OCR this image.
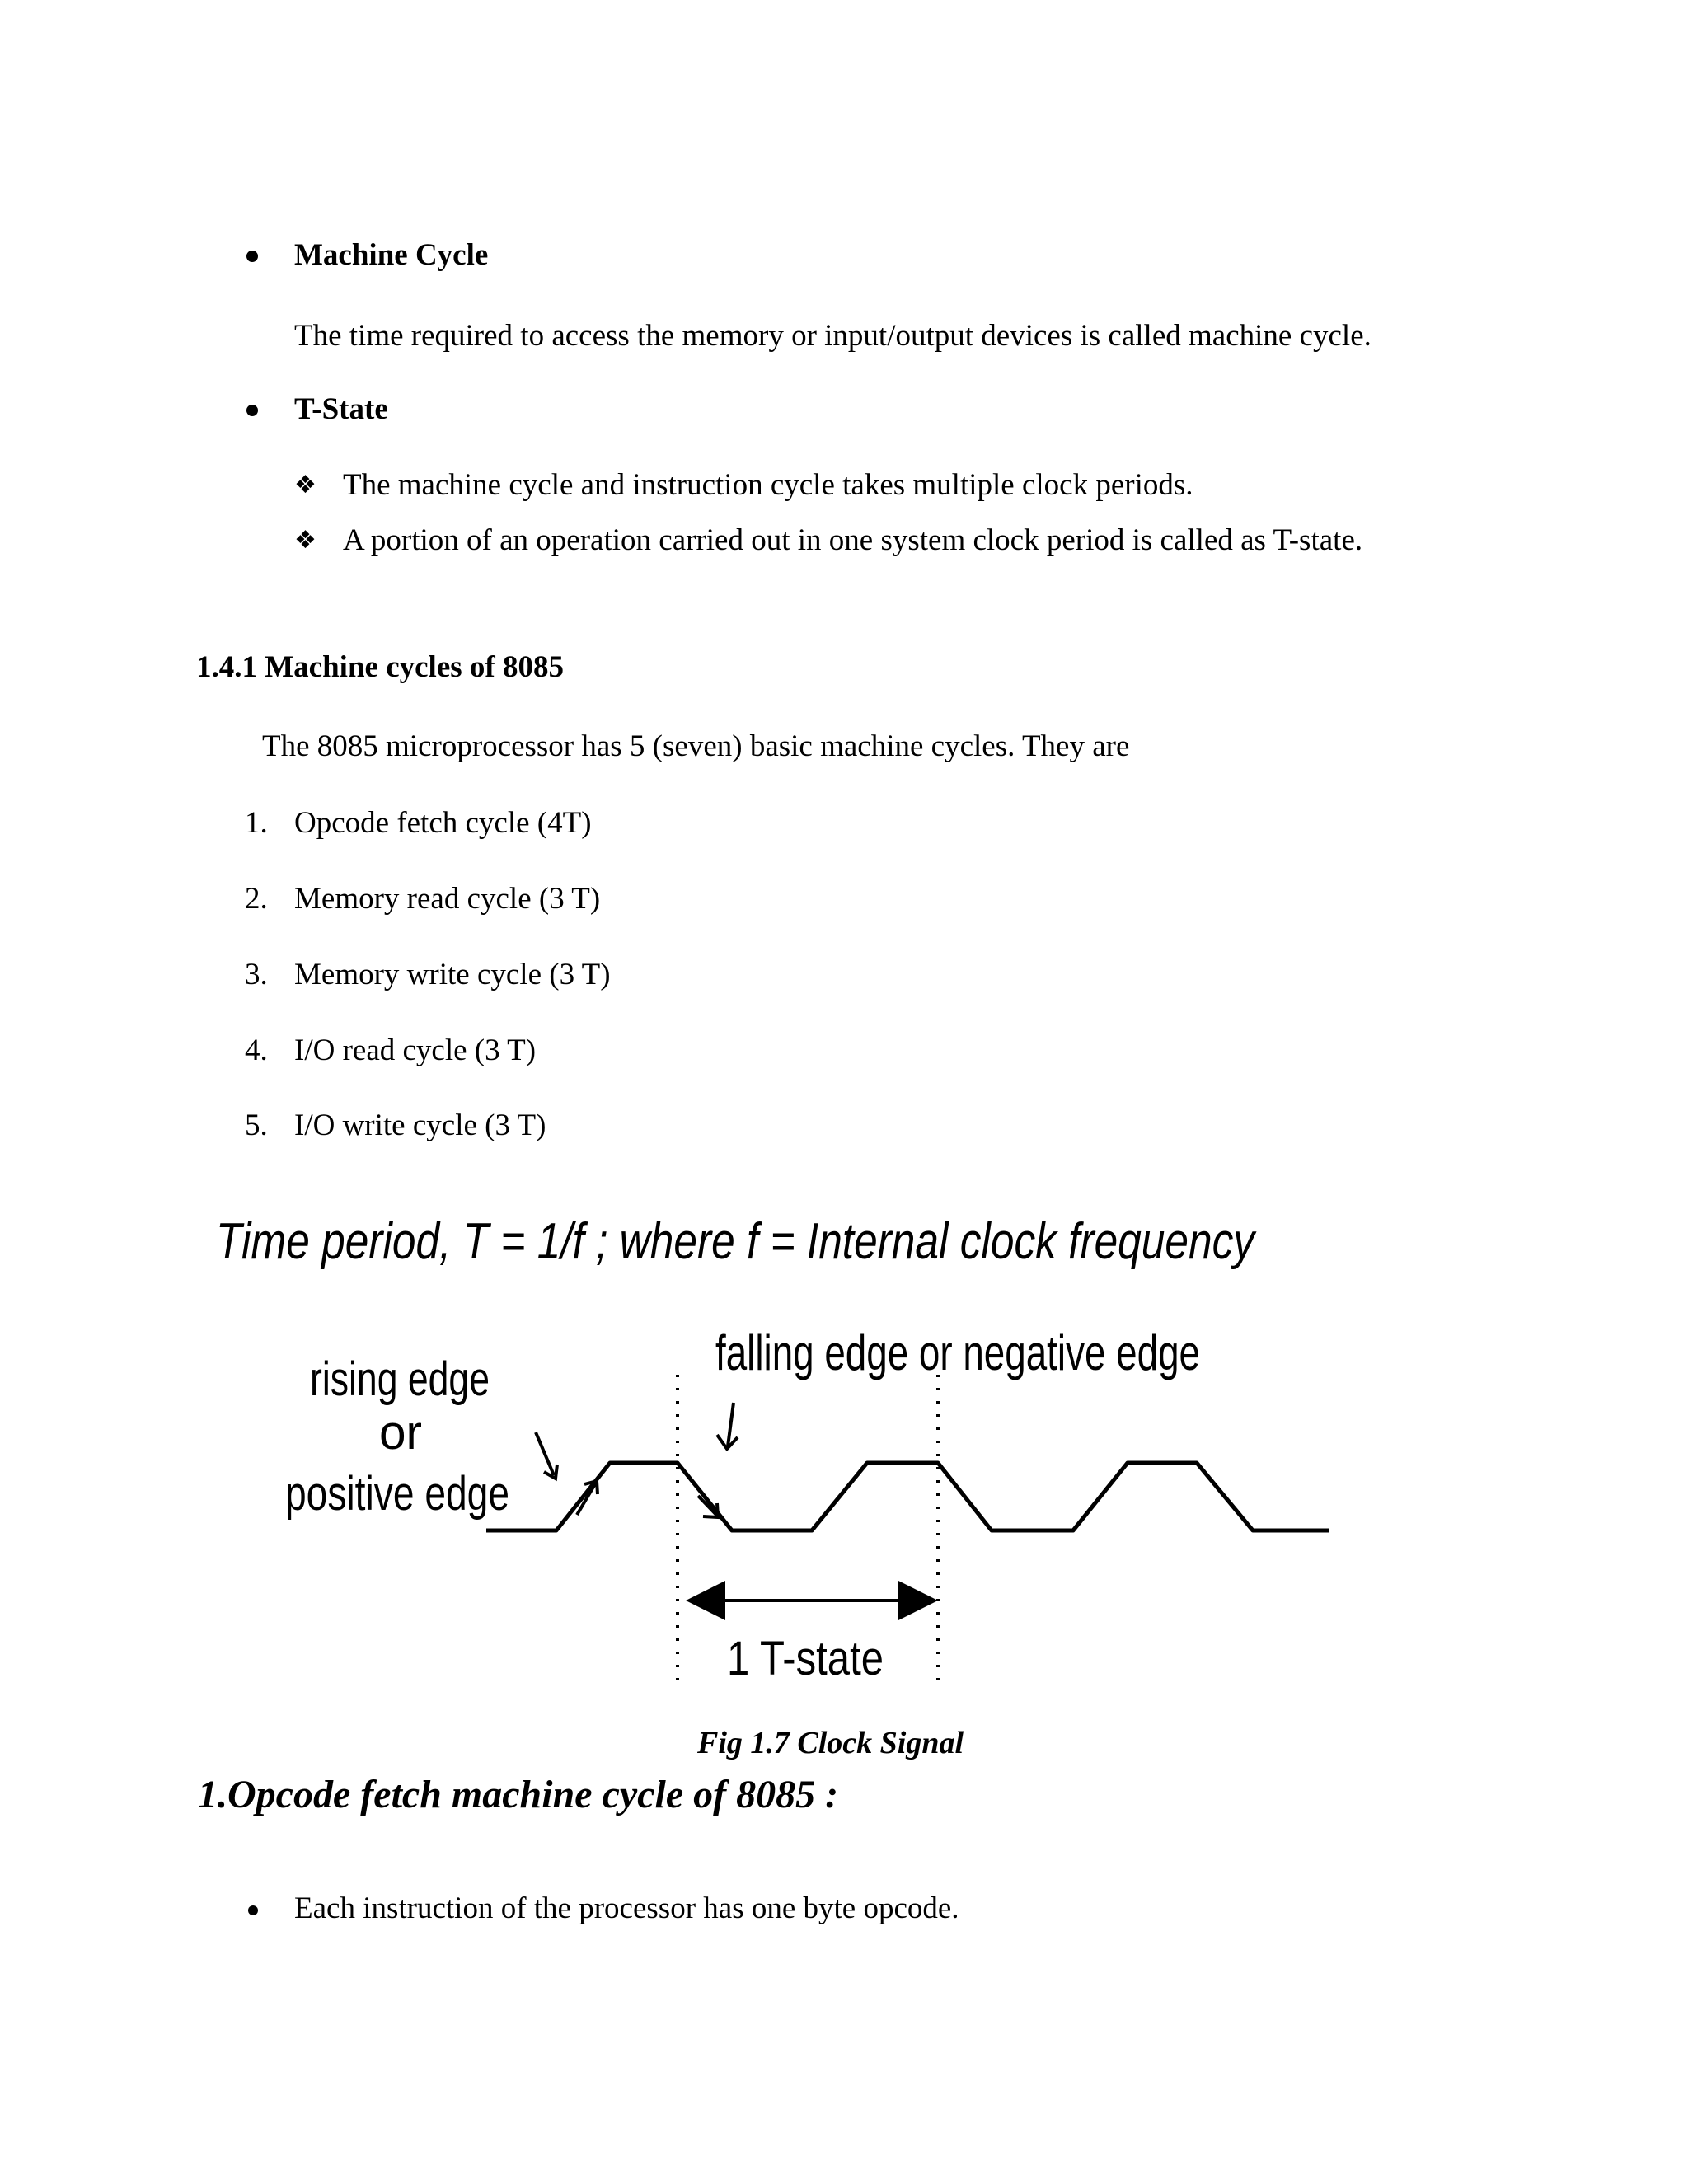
Machine Cycle
The time required to access the memory or input/output devices is called machine cycle.
T-State
❖ The machine cycle and instruction cycle takes multiple clock periods.
❖ A portion of an operation carried out in one system clock period is called as T-state.
1.4.1 Machine cycles of 8085
The 8085 microprocessor has 5 (seven) basic machine cycles. They are
1. Opcode fetch cycle (4T)
2. Memory read cycle (3 T)
3. Memory write cycle (3 T)
4. I/O read cycle (3 T)
5. I/O write cycle (3 T)
Time period, T = 1/f ; where f = Internal clock frequency
falling edge or negative edge
rising edge
or
positive edge
1 T-state
Fig 1.7 Clock Signal
1.Opcode fetch machine cycle of 8085 :
Each instruction of the processor has one byte opcode.
